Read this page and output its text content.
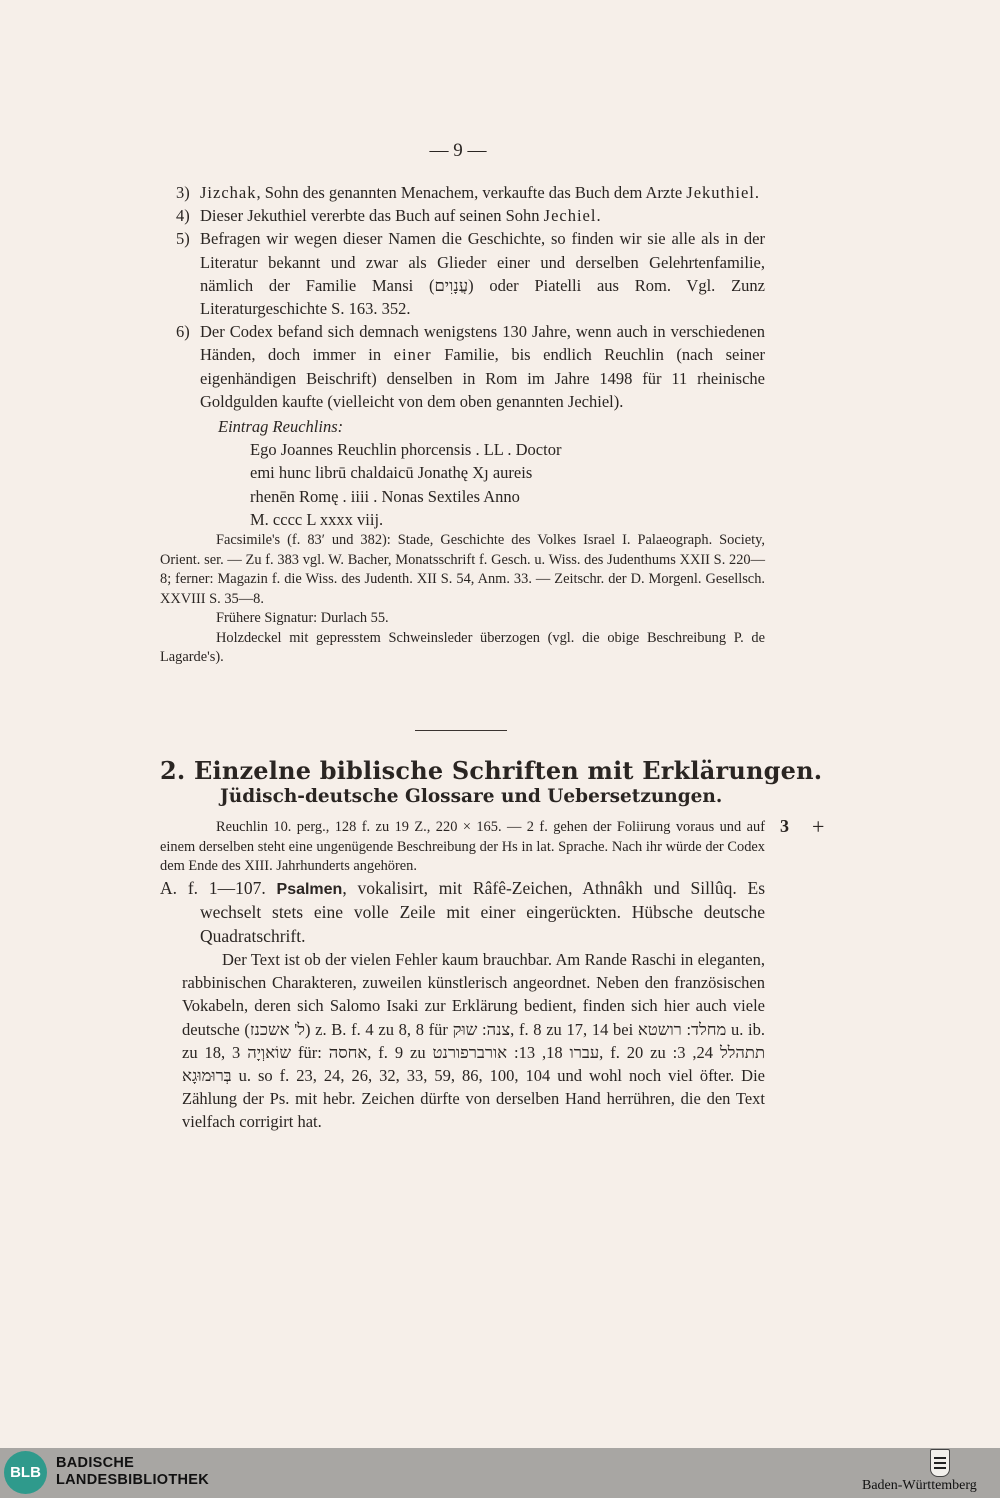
— 9 —
3) Jizchak, Sohn des genannten Menachem, verkaufte das Buch dem Arzte Jekuthiel.
4) Dieser Jekuthiel vererbte das Buch auf seinen Sohn Jechiel.
5) Befragen wir wegen dieser Namen die Geschichte, so finden wir sie alle als in der Literatur bekannt und zwar als Glieder einer und derselben Gelehrtenfamilie, nämlich der Familie Mansi (עֲנָוִים) oder Piatelli aus Rom. Vgl. Zunz Literaturgeschichte S. 163. 352.
6) Der Codex befand sich demnach wenigstens 130 Jahre, wenn auch in verschiedenen Händen, doch immer in einer Familie, bis endlich Reuchlin (nach seiner eigenhändigen Beischrift) denselben in Rom im Jahre 1498 für 11 rheinische Goldgulden kaufte (vielleicht von dem oben genannten Jechiel).
Eintrag Reuchlins:
Ego Joannes Reuchlin phorcensis . LL . Doctor
emi hunc librū chaldaicū Jonathę Xȷ aureis
rhenēn Romę . iiii . Nonas Sextiles Anno
M. cccc L xxxx viij.
Facsimile's (f. 83′ und 382): Stade, Geschichte des Volkes Israel I. Palaeograph. Society, Orient. ser. — Zu f. 383 vgl. W. Bacher, Monatsschrift f. Gesch. u. Wiss. des Judenthums XXII S. 220—8; ferner: Magazin f. die Wiss. des Judenth. XII S. 54, Anm. 33. — Zeitschr. der D. Morgenl. Gesellsch. XXVIII S. 35—8.
Frühere Signatur: Durlach 55.
Holzdeckel mit gepresstem Schweinsleder überzogen (vgl. die obige Beschreibung P. de Lagarde's).
2. Einzelne biblische Schriften mit Erklärungen.
Jüdisch-deutsche Glossare und Uebersetzungen.
3 +
Reuchlin 10. perg., 128 f. zu 19 Z., 220 × 165. — 2 f. gehen der Foliirung voraus und auf einem derselben steht eine ungenügende Beschreibung der Hs in lat. Sprache. Nach ihr würde der Codex dem Ende des XIII. Jahrhunderts angehören.
A. f. 1—107. Psalmen, vokalisirt, mit Râfê-Zeichen, Athnâkh und Sillûq. Es wechselt stets eine volle Zeile mit einer eingerückten. Hübsche deutsche Quadratschrift.
Der Text ist ob der vielen Fehler kaum brauchbar. Am Rande Raschi in eleganten, rabbinischen Charakteren, zuweilen künstlerisch angeordnet. Neben den französischen Vokabeln, deren sich Salomo Isaki zur Erklärung bedient, finden sich hier auch viele deutsche (ל' אשכנז) z. B. f. 4 zu 8, 8 für צנה: שוּק, f. 8 zu 17, 14 bei מחלד: רושטא u. ib. zu 18, 3 שוֹאוְיָה für: אחסה, f. 9 zu עברו 18, 13: אורברפורנט, f. 20 zu תתהלל 24, 3: בְּרוּמוּגָא u. so f. 23, 24, 26, 32, 33, 59, 86, 100, 104 und wohl noch viel öfter. Die Zählung der Ps. mit hebr. Zeichen dürfte von derselben Hand herrühren, die den Text vielfach corrigirt hat.
BLB
BADISCHE
LANDESBIBLIOTHEK	Baden-Württemberg
